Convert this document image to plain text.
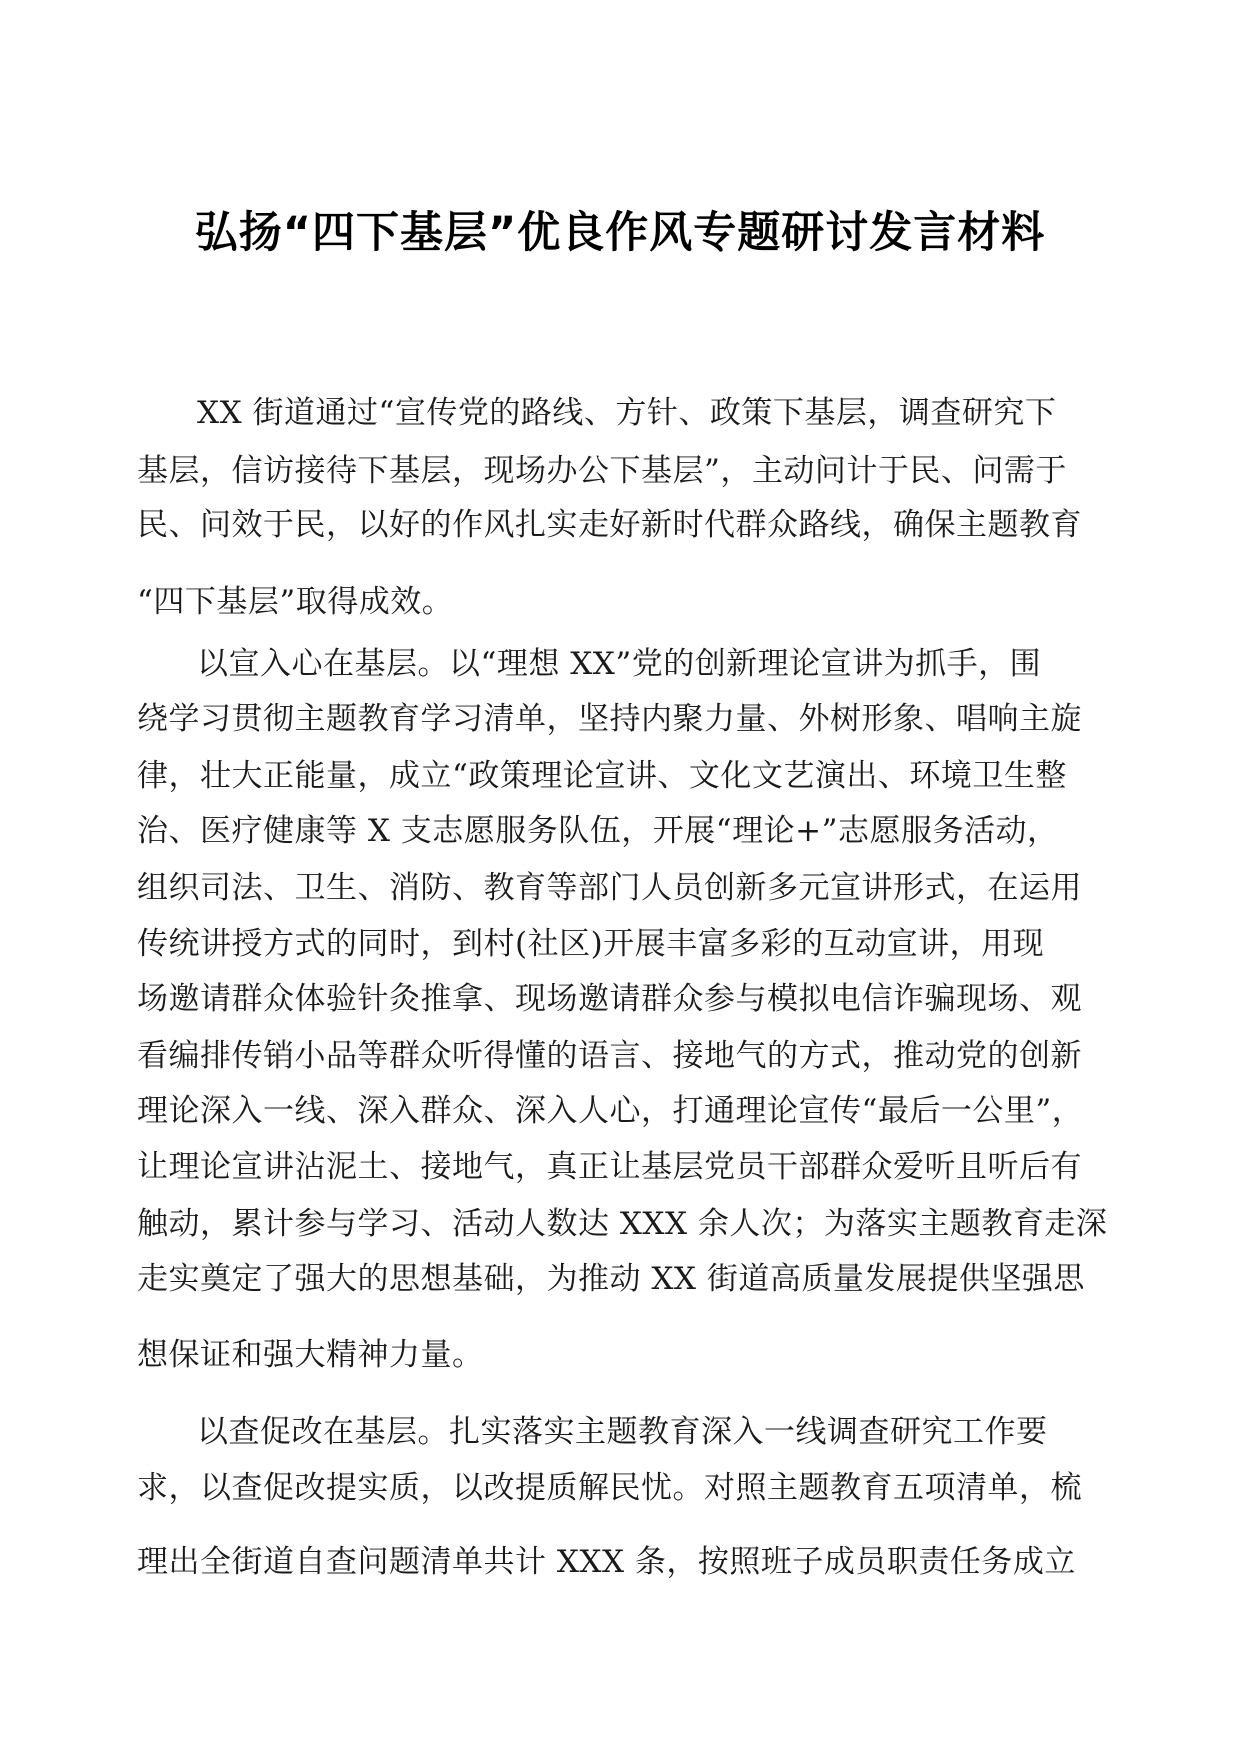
弘扬“四下基层”优良作风专题研讨发言材料
XX 街道通过“宣传党的路线、方针、政策下基层，调查研究下
基层，信访接待下基层，现场办公下基层”，主动问计于民、问需于
民、问效于民，以好的作风扎实走好新时代群众路线，确保主题教育
“四下基层”取得成效。
以宣入心在基层。以“理想 XX”党的创新理论宣讲为抓手，围
绕学习贯彻主题教育学习清单，坚持内聚力量、外树形象、唱响主旋
律，壮大正能量，成立“政策理论宣讲、文化文艺演出、环境卫生整
治、医疗健康等 X 支志愿服务队伍，开展“理论+”志愿服务活动，
组织司法、卫生、消防、教育等部门人员创新多元宣讲形式，在运用
传统讲授方式的同时，到村(社区)开展丰富多彩的互动宣讲，用现
场邀请群众体验针灸推拿、现场邀请群众参与模拟电信诈骗现场、观
看编排传销小品等群众听得懂的语言、接地气的方式，推动党的创新
理论深入一线、深入群众、深入人心，打通理论宣传“最后一公里”，
让理论宣讲沾泥土、接地气，真正让基层党员干部群众爱听且听后有
触动，累计参与学习、活动人数达 XXX 余人次；为落实主题教育走深
走实奠定了强大的思想基础，为推动 XX 街道高质量发展提供坚强思
想保证和强大精神力量。
以查促改在基层。扎实落实主题教育深入一线调查研究工作要
求，以查促改提实质，以改提质解民忧。对照主题教育五项清单，梳
理出全街道自查问题清单共计 XXX 条，按照班子成员职责任务成立
